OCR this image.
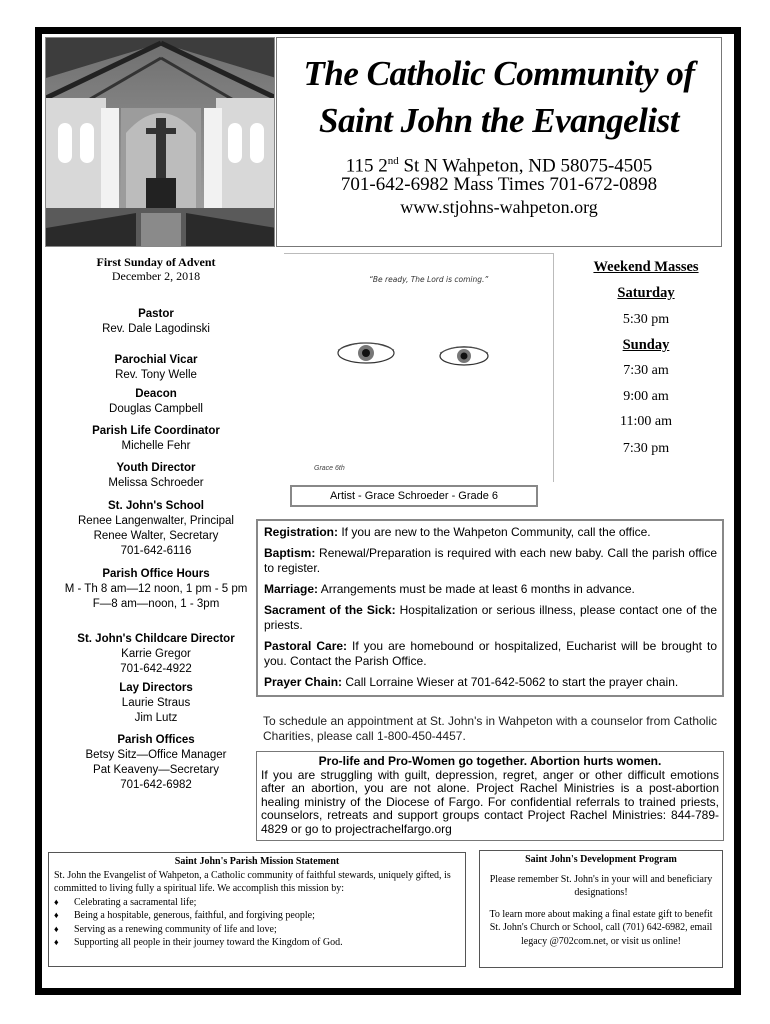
The Catholic Community of
Saint John the Evangelist
115 2nd St N Wahpeton, ND 58075-4505
701-642-6982 Mass Times 701-672-0898
www.stjohns-wahpeton.org
First Sunday of Advent
December 2, 2018
Pastor
Rev. Dale Lagodinski
Parochial Vicar
Rev. Tony Welle
Deacon
Douglas Campbell
Parish Life Coordinator
Michelle Fehr
Youth Director
Melissa Schroeder
St. John's School
Renee Langenwalter, Principal
Renee Walter, Secretary
701-642-6116
Parish Office Hours
M - Th 8 am—12 noon, 1 pm - 5 pm
F—8 am—noon, 1 - 3pm
St. John's Childcare Director
Karrie Gregor
701-642-4922
Lay Directors
Laurie Straus
Jim Lutz
Parish Offices
Betsy Sitz—Office Manager
Pat Keaveny—Secretary
701-642-6982
“Be ready, The Lord is coming.”
Grace 6th
Artist - Grace Schroeder - Grade 6
Weekend Masses
Saturday
5:30 pm
Sunday
7:30 am
9:00 am
11:00 am
7:30 pm

Registration: If you are new to the Wahpeton Community, call the office.

Baptism: Renewal/Preparation is required with each new baby. Call the parish office to register.

Marriage: Arrangements must be made at least 6 months in advance.

Sacrament of the Sick: Hospitalization or serious illness, please contact one of the priests.

Pastoral Care: If you are homebound or hospitalized, Eucharist will be brought to you. Contact the Parish Office.

Prayer Chain: Call Lorraine Wieser at 701-642-5062 to start the prayer chain.

To schedule an appointment at St. John's in Wahpeton with a counselor from Catholic Charities, please call 1-800-450-4457.
Pro-life and Pro-Women go together. Abortion hurts women.
If you are struggling with guilt, depression, regret, anger or other difficult emotions after an abortion, you are not alone. Project Rachel Ministries is a post-abortion healing ministry of the Diocese of Fargo. For confidential referrals to trained priests, counselors, retreats and support groups contact Project Rachel Ministries: 844-789-4829 or go to projectrachelfargo.org
Saint John's Parish Mission Statement
St. John the Evangelist of Wahpeton, a Catholic community of faithful stewards, uniquely gifted, is committed to living fully a spiritual life. We accomplish this mission by:
♦ Celebrating a sacramental life;
♦ Being a hospitable, generous, faithful, and forgiving people;
♦ Serving as a renewing community of life and love;
♦ Supporting all people in their journey toward the Kingdom of God.
Saint John's Development Program

Please remember St. John's in your will and beneficiary designations!

To learn more about making a final estate gift to benefit St. John's Church or School, call (701) 642-6982, email legacy @702com.net, or visit us online!
